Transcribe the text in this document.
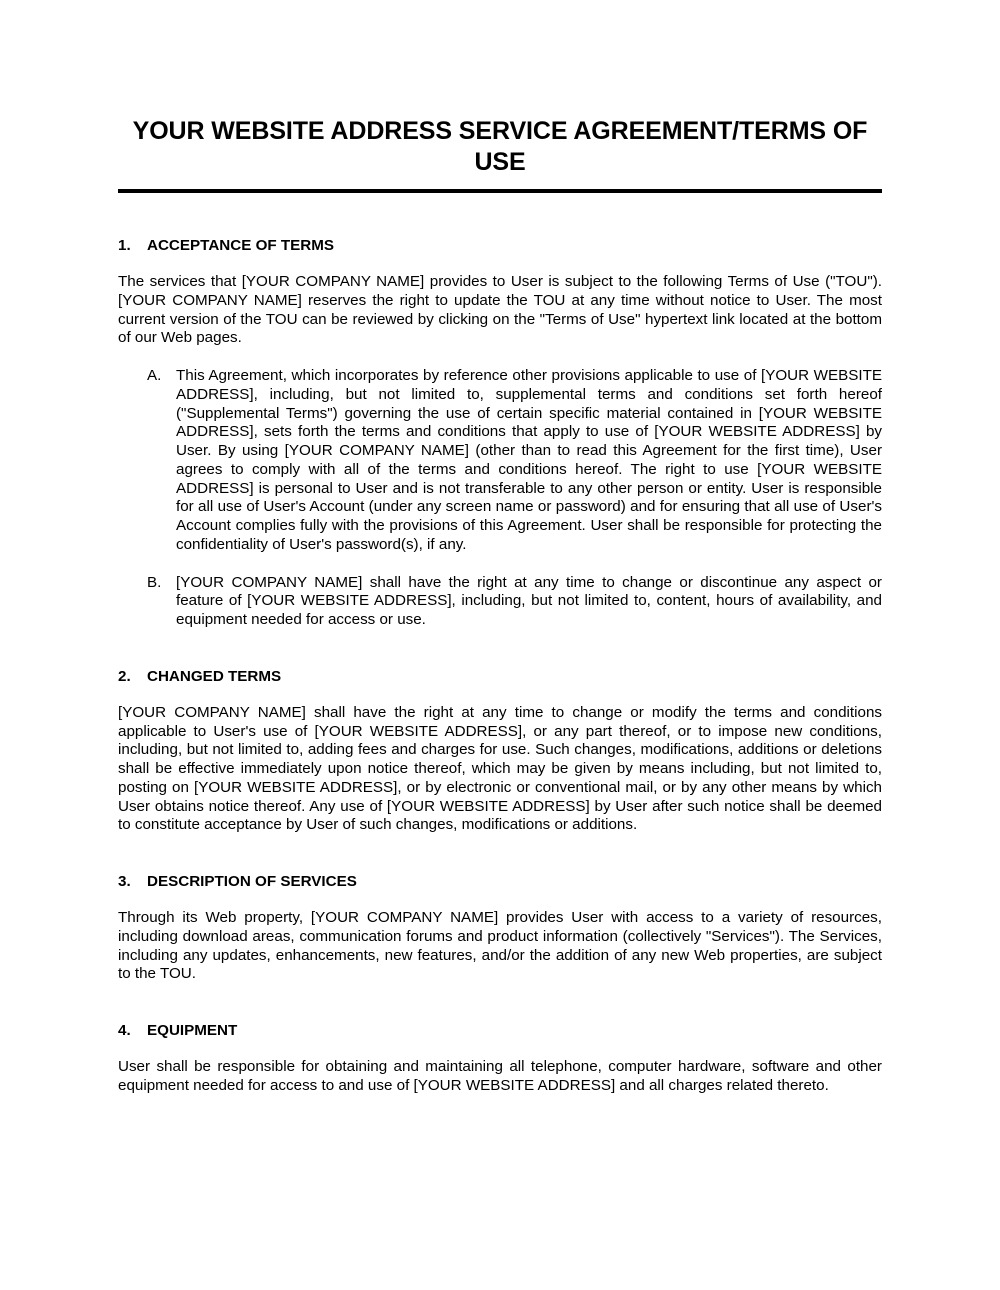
YOUR WEBSITE ADDRESS SERVICE AGREEMENT/TERMS OF USE
1.	ACCEPTANCE OF TERMS

The services that [YOUR COMPANY NAME] provides to User is subject to the following Terms of Use ("TOU"). [YOUR COMPANY NAME] reserves the right to update the TOU at any time without notice to User. The most current version of the TOU can be reviewed by clicking on the "Terms of Use" hypertext link located at the bottom of our Web pages.

A. This Agreement, which incorporates by reference other provisions applicable to use of [YOUR WEBSITE ADDRESS], including, but not limited to, supplemental terms and conditions set forth hereof ("Supplemental Terms") governing the use of certain specific material contained in [YOUR WEBSITE ADDRESS], sets forth the terms and conditions that apply to use of [YOUR WEBSITE ADDRESS] by User. By using [YOUR COMPANY NAME] (other than to read this Agreement for the first time), User agrees to comply with all of the terms and conditions hereof. The right to use [YOUR WEBSITE ADDRESS] is personal to User and is not transferable to any other person or entity. User is responsible for all use of User's Account (under any screen name or password) and for ensuring that all use of User's Account complies fully with the provisions of this Agreement. User shall be responsible for protecting the confidentiality of User's password(s), if any.

B. [YOUR COMPANY NAME] shall have the right at any time to change or discontinue any aspect or feature of [YOUR WEBSITE ADDRESS], including, but not limited to, content, hours of availability, and equipment needed for access or use.

2.	CHANGED TERMS

[YOUR COMPANY NAME] shall have the right at any time to change or modify the terms and conditions applicable to User's use of [YOUR WEBSITE ADDRESS], or any part thereof, or to impose new conditions, including, but not limited to, adding fees and charges for use. Such changes, modifications, additions or deletions shall be effective immediately upon notice thereof, which may be given by means including, but not limited to, posting on [YOUR WEBSITE ADDRESS], or by electronic or conventional mail, or by any other means by which User obtains notice thereof. Any use of [YOUR WEBSITE ADDRESS] by User after such notice shall be deemed to constitute acceptance by User of such changes, modifications or additions.

3.	DESCRIPTION OF SERVICES

Through its Web property, [YOUR COMPANY NAME] provides User with access to a variety of resources, including download areas, communication forums and product information (collectively "Services"). The Services, including any updates, enhancements, new features, and/or the addition of any new Web properties, are subject to the TOU.

4.	EQUIPMENT

User shall be responsible for obtaining and maintaining all telephone, computer hardware, software and other equipment needed for access to and use of [YOUR WEBSITE ADDRESS] and all charges related thereto.
